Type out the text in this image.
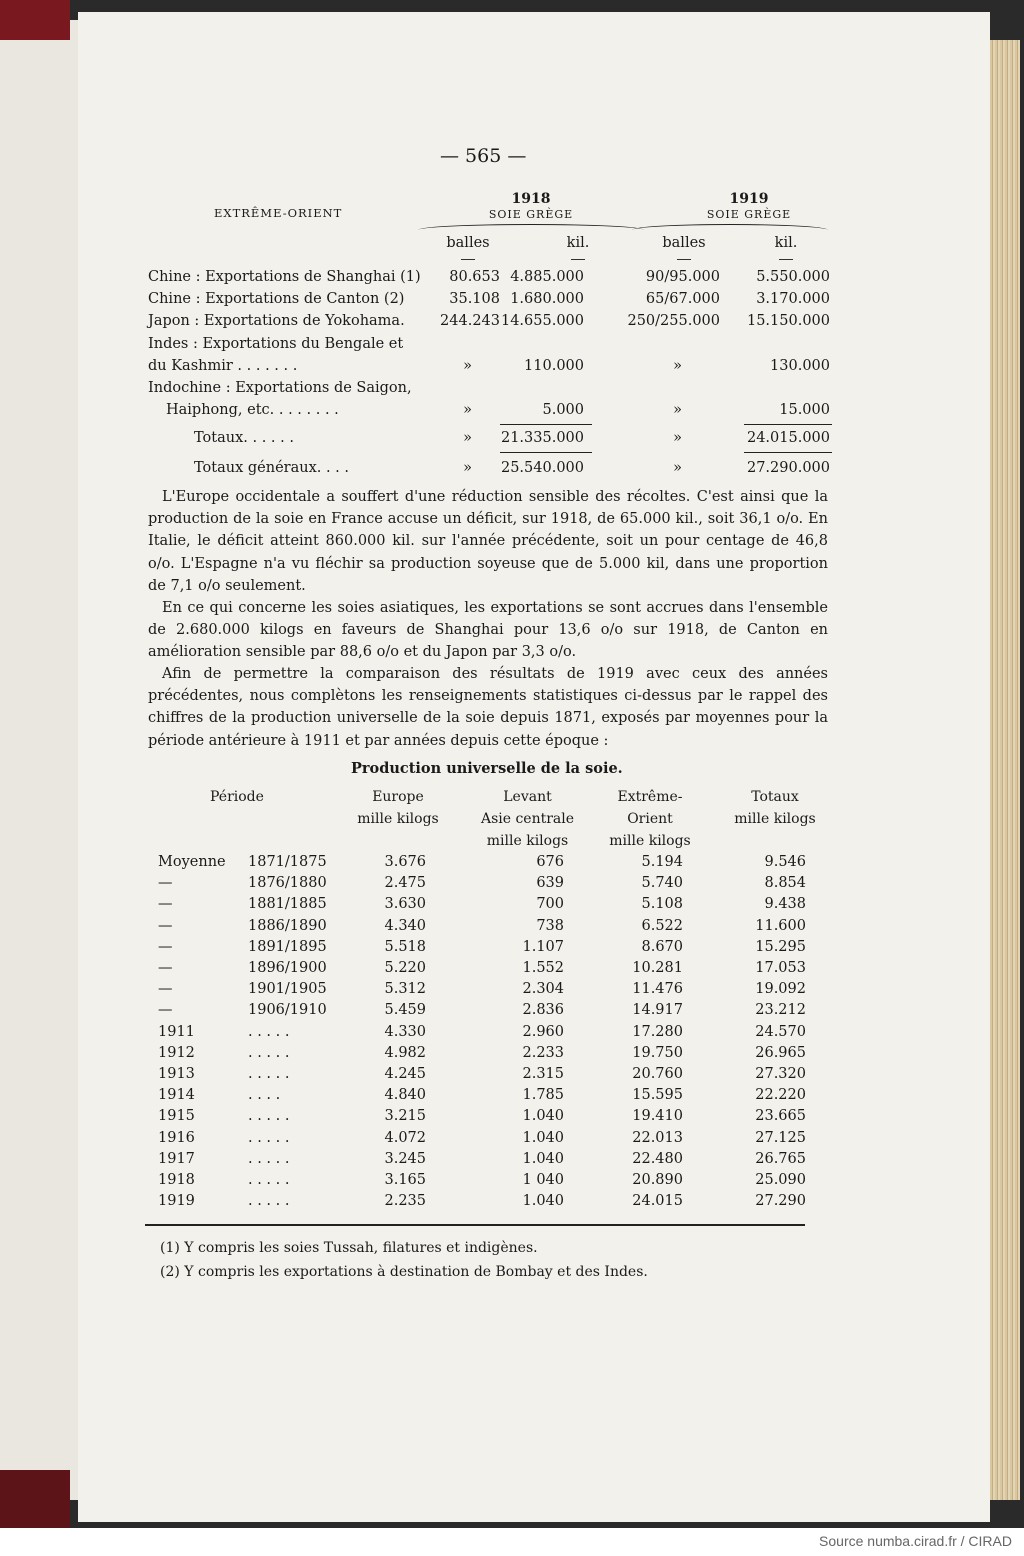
— 565 —
EXTRÊME-ORIENT
1918
SOIE GRÈGE
1919
SOIE GRÈGE
balles	kil.	balles	kil.
Chine : Exportations de Shanghai (1) 80.653 4.885.000	90/95.000 5.550.000
Chine : Exportations de Canton (2)	35.108 1.680.000	65/67.000 3.170.000
Japon : Exportations de Yokohama. 244.243 14.655.000	250/255.000 15.150.000
Indes : Exportations du Bengale et
du Kashmir . . . . . . .	»	110.000	»	130.000
Indochine : Exportations de Saigon,
Haiphong, etc. . . . . . . .	»	5.000	»	15.000
Totaux. . . . . .	» 21.335.000	»	24.015.000
Totaux généraux. . . .	» 25.540.000	»	27.290.000
L'Europe occidentale a souffert d'une réduction sensible des récoltes. C'est ainsi que la production de la soie en France accuse un déficit, sur 1918, de 65.000 kil., soit 36,1 o/o. En Italie, le déficit atteint 860.000 kil. sur l'année précédente, soit un pour centage de 46,8 o/o. L'Espagne n'a vu fléchir sa production soyeuse que de 5.000 kil, dans une proportion de 7,1 o/o seulement.
En ce qui concerne les soies asiatiques, les exportations se sont accrues dans l'ensemble de 2.680.000 kilogs en faveurs de Shanghai pour 13,6 o/o sur 1918, de Canton en amélioration sensible par 88,6 o/o et du Japon par 3,3 o/o.
Afin de permettre la comparaison des résultats de 1919 avec ceux des années précédentes, nous complètons les renseignements statistiques ci-dessus par le rappel des chiffres de la production universelle de la soie depuis 1871, exposés par moyennes pour la période antérieure à 1911 et par années depuis cette époque :
Production universelle de la soie.
Période	Europe
mille kilogs
Levant
Asie centrale
mille kilogs
Extrême-
Orient
mille kilogs
Totaux
mille kilogs
Moyenne 1871/1875	3.676	676	5.194	9.546
—	1876/1880	2.475	639	5.740	8.854
—	1881/1885	3.630	700	5.108	9.438
—	1886/1890	4.340	738	6.522	11.600
—	1891/1895	5.518	1.107	8.670	15.295
—	1896/1900	5.220	1.552	10.281	17.053
—	1901/1905	5.312	2.304	11.476	19.092
—	1906/1910	5.459	2.836	14.917	23.212
1911	. . . . .	4.330	2.960	17.280	24.570
1912	. . . . .	4.982	2.233	19.750	26.965
1913	. . . . .	4.245	2.315	20.760	27.320
1914	. . . .	4.840	1.785	15.595	22.220
1915	. . . . .	3.215	1.040	19.410	23.665
1916	. . . . .	4.072	1.040	22.013	27.125
1917	. . . . .	3.245	1.040	22.480	26.765
1918	. . . . .	3.165	1 040	20.890	25.090
1919	. . . . .	2.235	1.040	24.015	27.290
(1) Y compris les soies Tussah, filatures et indigènes.
(2) Y compris les exportations à destination de Bombay et des Indes.
Source numba.cirad.fr / CIRAD
